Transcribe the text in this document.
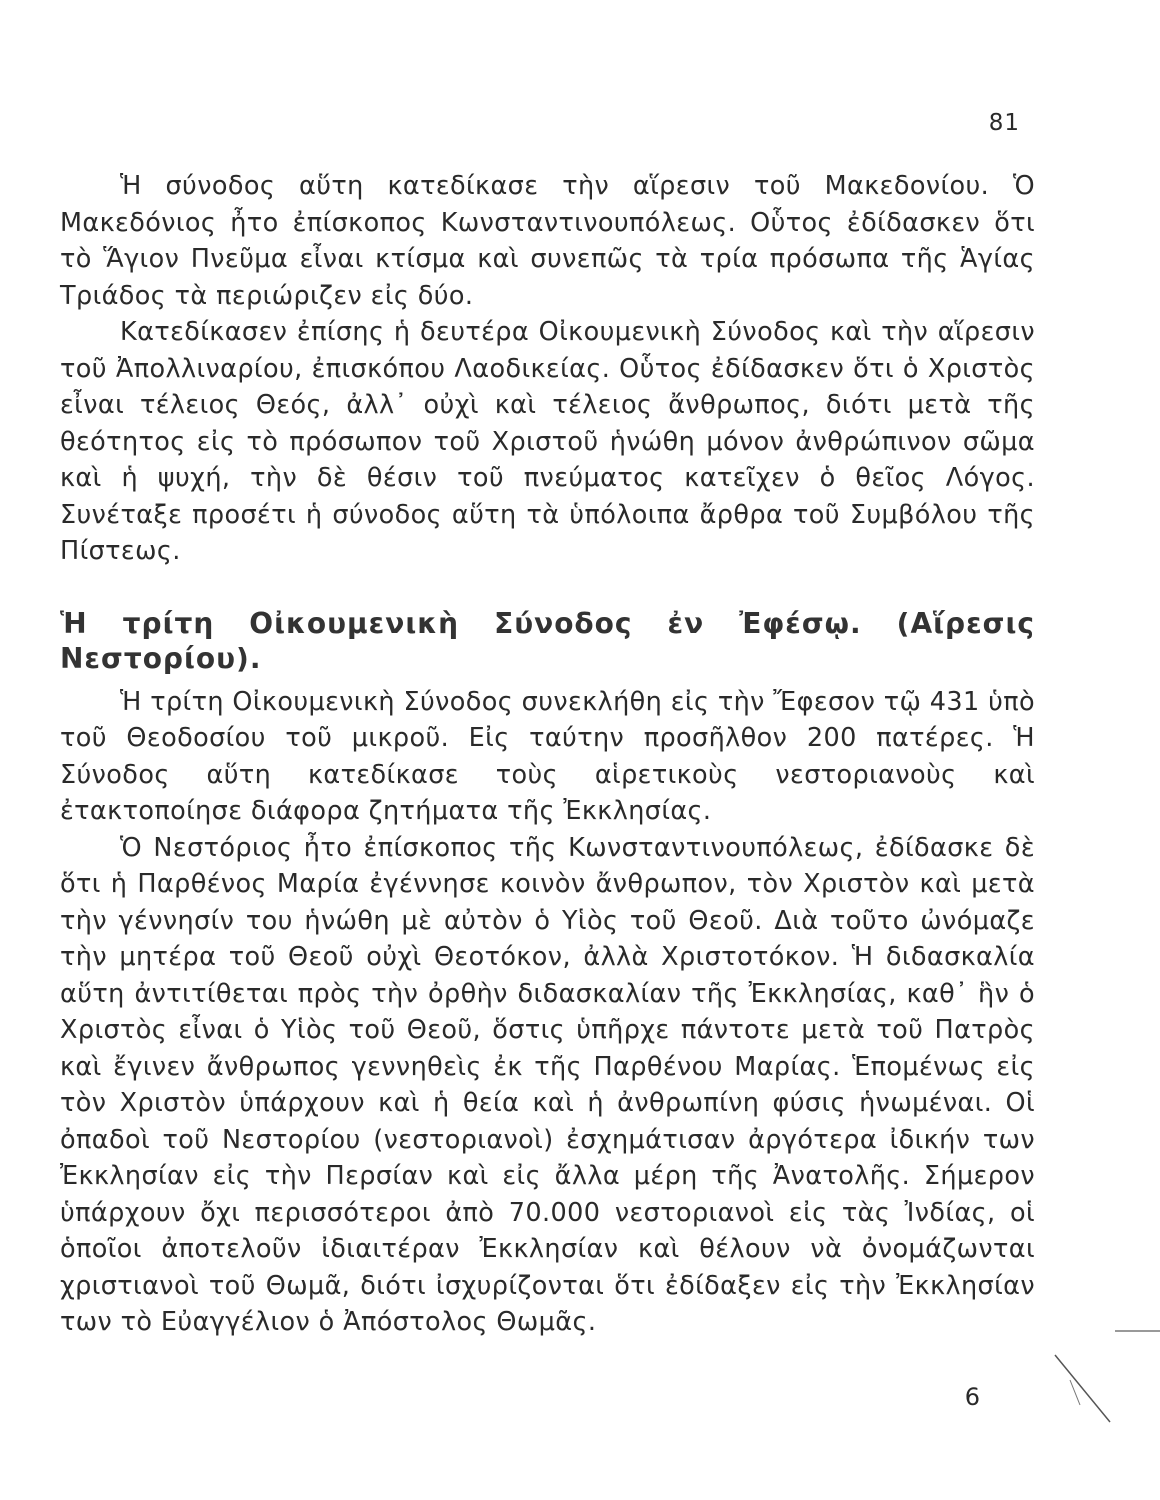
81

Ἡ σύνοδος αὕτη κατεδίκασε τὴν αἵρεσιν τοῦ Μακεδονίου. Ὁ Μακεδόνιος ἦτο ἐπίσκοπος Κωνσταντινουπόλεως. Οὗτος ἐδίδασκεν ὅτι τὸ Ἅγιον Πνεῦμα εἶναι κτίσμα καὶ συνεπῶς τὰ τρία πρόσωπα τῆς Ἁγίας Τριάδος τὰ περιώριζεν εἰς δύο.

Κατεδίκασεν ἐπίσης ἡ δευτέρα Οἰκουμενικὴ Σύνοδος καὶ τὴν αἵρεσιν τοῦ Ἀπολλιναρίου, ἐπισκόπου Λαοδικείας. Οὗτος ἐδίδασκεν ὅτι ὁ Χριστὸς εἶναι τέλειος Θεός, ἀλλ᾽ οὐχὶ καὶ τέλειος ἄνθρωπος, διότι μετὰ τῆς θεότητος εἰς τὸ πρόσωπον τοῦ Χριστοῦ ἡνώθη μόνον ἀνθρώπινον σῶμα καὶ ἡ ψυχή, τὴν δὲ θέσιν τοῦ πνεύματος κατεῖχεν ὁ θεῖος Λόγος. Συνέταξε προσέτι ἡ σύνοδος αὕτη τὰ ὑπόλοιπα ἄρθρα τοῦ Συμβόλου τῆς Πίστεως.

Ἡ τρίτη Οἰκουμενικὴ Σύνοδος ἐν Ἐφέσῳ. (Αἵρεσις Νεστορίου).

Ἡ τρίτη Οἰκουμενικὴ Σύνοδος συνεκλήθη εἰς τὴν Ἔφεσον τῷ 431 ὑπὸ τοῦ Θεοδοσίου τοῦ μικροῦ. Εἰς ταύτην προσῆλθον 200 πατέρες. Ἡ Σύνοδος αὕτη κατεδίκασε τοὺς αἱρετικοὺς νεστοριανοὺς καὶ ἐτακτοποίησε διάφορα ζητήματα τῆς Ἐκκλησίας.

Ὁ Νεστόριος ἦτο ἐπίσκοπος τῆς Κωνσταντινουπόλεως, ἐδίδασκε δὲ ὅτι ἡ Παρθένος Μαρία ἐγέννησε κοινὸν ἄνθρωπον, τὸν Χριστὸν καὶ μετὰ τὴν γέννησίν του ἡνώθη μὲ αὐτὸν ὁ Υἱὸς τοῦ Θεοῦ. Διὰ τοῦτο ὠνόμαζε τὴν μητέρα τοῦ Θεοῦ οὐχὶ Θεοτόκον, ἀλλὰ Χριστοτόκον. Ἡ διδασκαλία αὕτη ἀντιτίθεται πρὸς τὴν ὀρθὴν διδασκαλίαν τῆς Ἐκκλησίας, καθ᾽ ἣν ὁ Χριστὸς εἶναι ὁ Υἱὸς τοῦ Θεοῦ, ὅστις ὑπῆρχε πάντοτε μετὰ τοῦ Πατρὸς καὶ ἔγινεν ἄνθρωπος γεννηθεὶς ἐκ τῆς Παρθένου Μαρίας. Ἑπομένως εἰς τὸν Χριστὸν ὑπάρχουν καὶ ἡ θεία καὶ ἡ ἀνθρωπίνη φύσις ἡνωμέναι. Οἱ ὀπαδοὶ τοῦ Νεστορίου (νεστοριανοὶ) ἐσχημάτισαν ἀργότερα ἰδικήν των Ἐκκλησίαν εἰς τὴν Περσίαν καὶ εἰς ἄλλα μέρη τῆς Ἀνατολῆς. Σήμερον ὑπάρχουν ὄχι περισσότεροι ἀπὸ 70.000 νεστοριανοὶ εἰς τὰς Ἰνδίας, οἱ ὁποῖοι ἀποτελοῦν ἰδιαιτέραν Ἐκκλησίαν καὶ θέλουν νὰ ὀνομάζωνται χριστιανοὶ τοῦ Θωμᾶ, διότι ἰσχυρίζονται ὅτι ἐδίδαξεν εἰς τὴν Ἐκκλησίαν των τὸ Εὐαγγέλιον ὁ Ἀπόστολος Θωμᾶς.

6
